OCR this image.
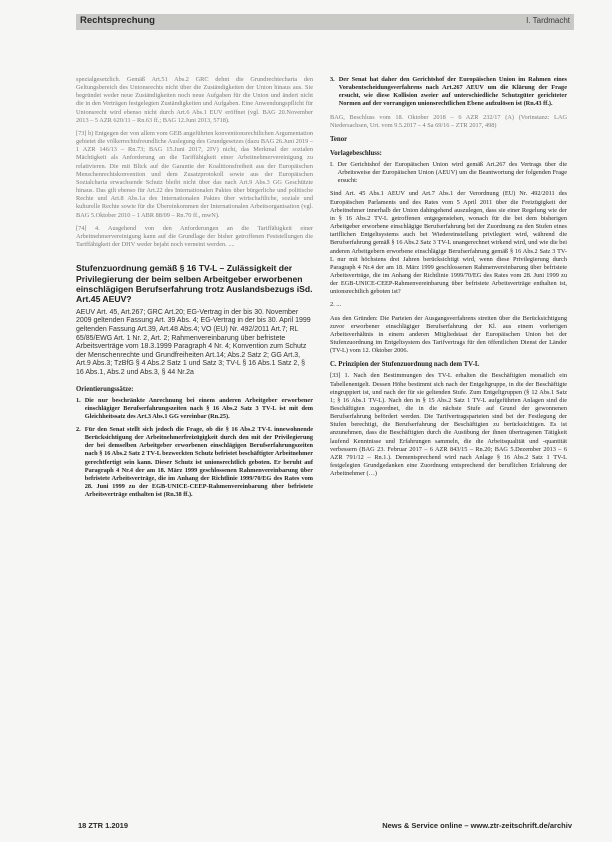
Rechtsprechung	I. Tardmacht

spezialgesetzlich. Gemäß Art.51 Abs.2 GRC dehnt die Grundrechtecharta den Geltungsbereich des Unionsrechts nicht über die Zuständigkeiten der Union hinaus aus. Sie begründet weder neue Zuständigkeiten noch neue Aufgaben für die Union und ändert nicht die in den Verträgen festgelegten Zuständigkeiten und Aufgaben. Eine Anwendungspflicht für Unionsrecht wird ebenso nicht durch Art.6 Abs.1 EUV eröffnet (vgl. BAG 20.November 2013 – 5 AZR 620/11 – Rn.63 ff.; BAG 12.Juni 2013, 5718).

[73] b) Entgegen der von allem vom GEB angeführten konventionsrechtlichen Argumentation gebietet die völkerrechtsfreundliche Auslegung des Grundgesetzes (dazu BAG 26.Juni 2019 – 1 AZR 146/13 – Rn.73; BAG 15.Juni 2017, 2IV) nicht, das Merkmal der sozialen Mächtigkeit als Anforderung an die Tariffähigkeit einer Arbeitnehmervereinigung zu relativieren. Die mit Blick auf die Garantie der Koalitionsfreiheit aus der Europäischen Menschenrechtskonvention und dem Zusatzprotokoll sowie aus der Europäischen Sozialcharta erwachsende Schutz bleibt nicht über das nach Art.9 Abs.3 GG Geschützte hinaus. Das gilt ebenso für Art.22 des Internationalen Paktes über bürgerliche und politische Rechte und Art.8 Abs.1a des Internationalen Paktes über wirtschaftliche, soziale und kulturelle Rechte sowie für die Übereinkommen der Internationalen Arbeitsorganisation (vgl. BAG 5.Oktober 2010 – 1 ABR 88/09 – Rn.70 ff., mwN).

[74] 4. Ausgehend von den Anforderungen an die Tariffähigkeit einer Arbeitnehmervereinigung kann auf die Grundlage der bisher getroffenen Feststellungen die Tariffähigkeit der DHV weder bejaht noch verneint werden. ....

Stufenzuordnung gemäß § 16 TV-L – Zulässigkeit der Privilegierung der beim selben Arbeitgeber erworbenen einschlägigen Berufserfahrung trotz Auslandsbezugs iSd. Art.45 AEUV?
AEUV Art. 45, Art.267; GRC Art.20; EG-Vertrag in der bis 30. November 2009 geltenden Fassung Art. 39 Abs. 4; EG-Vertrag in der bis 30. April 1999 geltenden Fassung Art.39, Art.48 Abs.4; VO (EU) Nr. 492/2011 Art.7; RL 65/85/EWG Art. 1 Nr. 2, Art. 2; Rahmenvereinbarung über befristete Arbeitsverträge vom 18.3.1999 Paragraph 4 Nr. 4; Konvention zum Schutz der Menschenrechte und Grundfreiheiten Art.14; Abs.2 Satz 2; GG Art.3, Art.9 Abs.3; TzBfG § 4 Abs.2 Satz 1 und Satz 3; TV-L § 16 Abs.1 Satz 2, § 16 Abs.1, Abs.2 und Abs.3, § 44 Nr.2a
Orientierungssätze:
1. Die nur beschränkte Anrechnung bei einem anderen Arbeitgeber erworbener einschlägiger Berufserfahrungszeiten nach § 16 Abs.2 Satz 3 TV-L ist mit dem Gleichheitssatz des Art.3 Abs.1 GG vereinbar (Rn.25).
2. Für den Senat stellt sich jedoch die Frage, ob die § 16 Abs.2 TV-L innewohnende Berücksichtigung der Arbeitnehmerfreizügigkeit durch den mit der Privilegierung der bei demselben Arbeitgeber erworbenen einschlägigen Berufserfahrungszeiten nach § 16 Abs.2 Satz 2 TV-L bezweckten Schutz befristet beschäftigter Arbeitnehmer gerechtfertigt sein kann. Dieser Schutz ist unionsrechtlich geboten. Er beruht auf Paragraph 4 Nr.4 der am 18. März 1999 geschlossenen Rahmenvereinbarung über befristete Arbeitsverträge, die im Anhang der Richtlinie 1999/70/EG des Rates vom 28. Juni 1999 zu der EGB-UNICE-CEEP-Rahmenvereinbarung über befristete Arbeitsverträge enthalten ist (Rn.38 ff.).
3. Der Senat hat daher den Gerichtshof der Europäischen Union im Rahmen eines Vorabentscheidungsverfahrens nach Art.267 AEUV um die Klärung der Frage ersucht, wie diese Kollision zweier auf unterschiedliche Schutzgüter gerichteter Normen auf der vorrangigen unionsrechtlichen Ebene aufzulösen ist (Rn.43 ff.).

BAG, Beschluss vom 18. Oktober 2018 – 6 AZR 232/17 (A) (Vorinstanz: LAG Niedersachsen, Urt. vom 9.5.2017 – 4 Sa 69/16 – ZTR 2017, 498)

Tenor
Vorlagebeschluss:
I. Der Gerichtshof der Europäischen Union wird gemäß Art.267 des Vertrags über die Arbeitsweise der Europäischen Union (AEUV) um die Beantwortung der folgenden Frage ersucht:

Sind Art. 45 Abs.1 AEUV und Art.7 Abs.1 der Verordnung (EU) Nr. 492/2011 des Europäischen Parlaments und des Rates vom 5 April 2011 über die Freizügigkeit der Arbeitnehmer innerhalb der Union dahingehend auszulegen, dass sie einer Regelung wie der in § 16 Abs.2 TV-L getroffenen entgegenstehen, wonach für die bei dem bisherigen Arbeitgeber erworbene einschlägige Berufserfahrung bei der Zuordnung zu den Stufen eines tariflichen Entgeltsystems auch bei Wiedereinstellung privilegiert wird, während die Berufserfahrung gemäß § 16 Abs.2 Satz 3 TV-L unangerechnet wirkend wird, und wie die bei anderen Arbeitgebern erworbene einschlägige Berufserfahrung gemäß § 16 Abs.2 Satz 3 TV-L nur mit höchstens drei Jahren berücksichtigt wird, wenn diese Privilegierung durch Paragraph 4 Nr.4 der am 18. März 1999 geschlossenen Rahmenvereinbarung über befristete Arbeitsverträge, die im Anhang der Richtlinie 1999/70/EG des Rates vom 28. Juni 1999 zu der EGB-UNICE-CEEP-Rahmenvereinbarung über befristete Arbeitsverträge enthalten ist, unionsrechtlich geboten ist?

2. ...

Aus den Gründen: Die Parteien der Ausgangsverfahrens streiten über die Berücksichtigung zuvor erworbener einschlägiger Berufserfahrung der Kl. aus einem vorherigen Arbeitsverhältnis in einem anderen Mitgliedstaat der Europäischen Union bei der Stufenzuordnung im Entgeltsystem des Tarifvertrags für den öffentlichen Dienst der Länder (TV-L) vom 12. Oktober 2006.

C. Prinzipien der Stufenzuordnung nach dem TV-L

[33] 1. Nach den Bestimmungen des TV-L erhalten die Beschäftigten monatlich ein Tabellenentgelt. Dessen Höhe bestimmt sich nach der Entgeltgruppe, in die der Beschäftigte eingruppiert ist, und nach der für sie geltenden Stufe. Zum Entgeltgruppen (§ 12 Abs.1 Satz 1; § 16 Abs.1 TV-L). Nach den in § 15 Abs.2 Satz 1 TV-L aufgeführten Anlagen sind die Beschäftigten zugeordnet, die in die nächste Stufe auf Grund der gewonnenen Berufserfahrung befördert werden. Die Tarifvertragsparteien sind bei der Festlegung der Stufen berechtigt, die Berufserfahrung der Beschäftigten zu berücksichtigen. Es ist anzunehmen, dass die Beschäftigten durch die Ausübung der ihnen übertragenen Tätigkeit laufend Kenntnisse und Erfahrungen sammeln, die die Arbeitsqualität und -quantität verbessern (BAG 23. Februar 2017 – 6 AZR 843/15 – Rn.20; BAG 5.Dezember 2013 – 6 AZR 791/12 – Rn.1.). Dementsprechend wird nach Anlage § 16 Abs.2 Satz 1 TV-L festgelegten Grundgedanken eine Zuordnung entsprechend der beruflichen Erfahrung der Arbeitnehmer (…)

18 ZTR 1.2019	News & Service online – www.ztr-zeitschrift.de/archiv
